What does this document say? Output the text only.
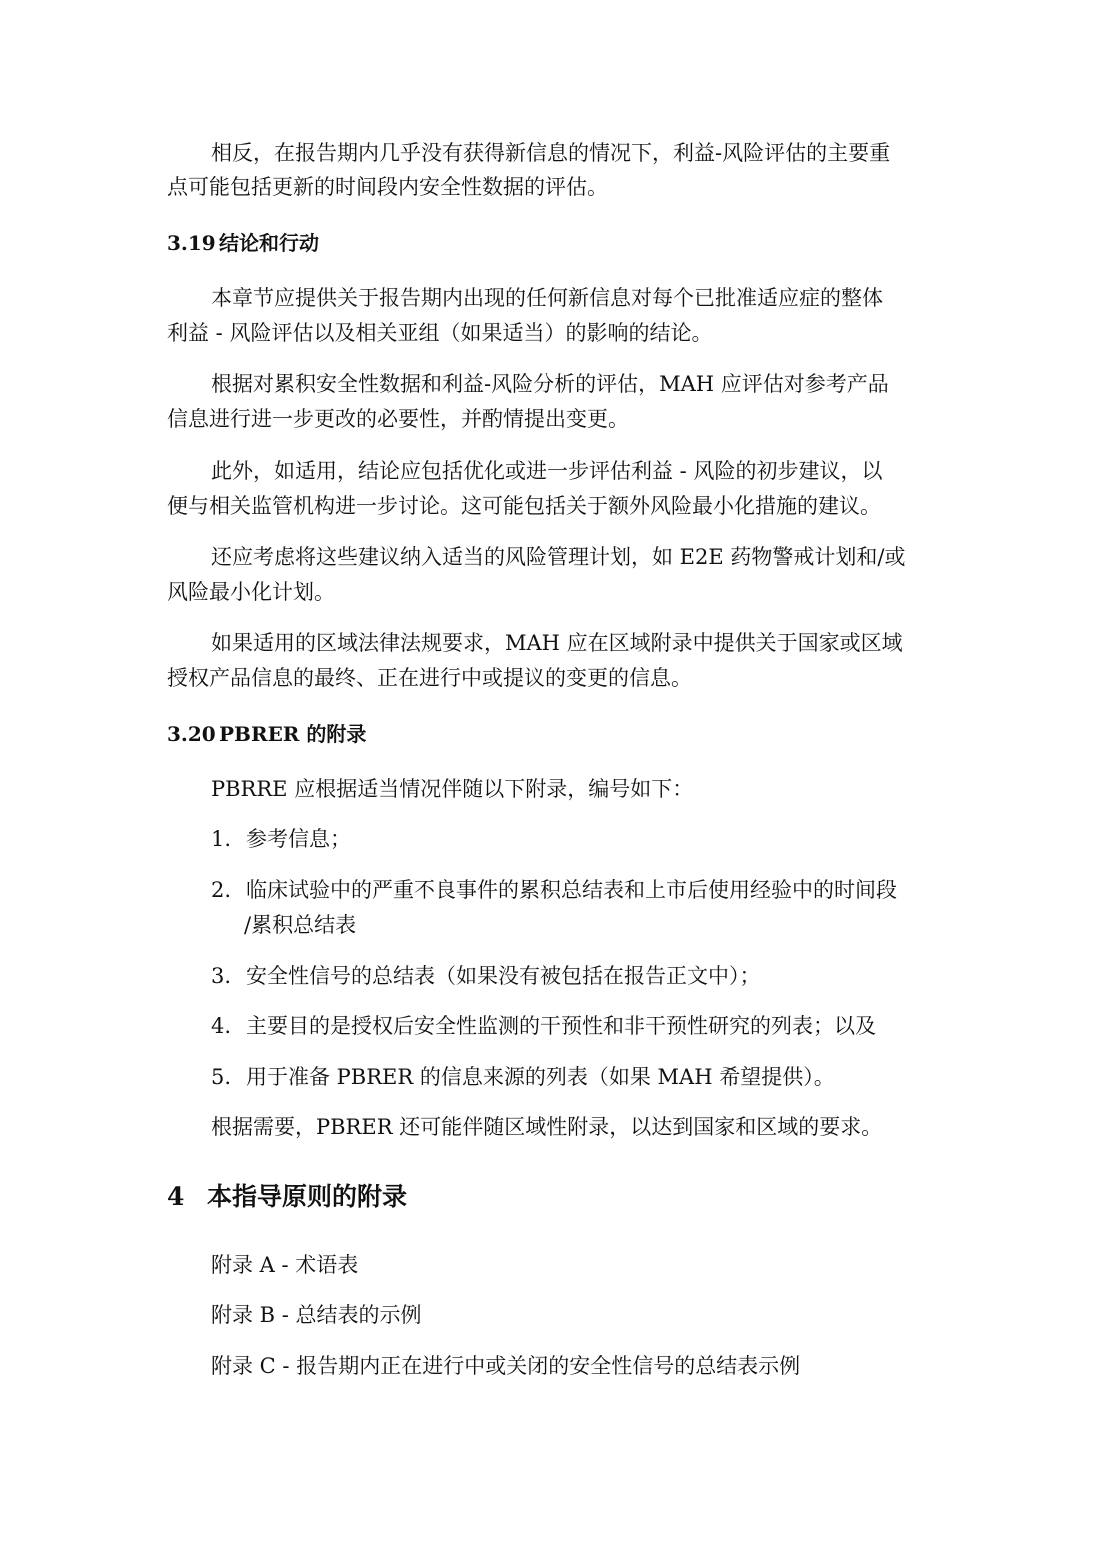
相反，在报告期内几乎没有获得新信息的情况下，利益-风险评估的主要重
点可能包括更新的时间段内安全性数据的评估。
3.19 结论和行动
本章节应提供关于报告期内出现的任何新信息对每个已批准适应症的整体
利益 - 风险评估以及相关亚组（如果适当）的影响的结论。
根据对累积安全性数据和利益-风险分析的评估，MAH 应评估对参考产品
信息进行进一步更改的必要性，并酌情提出变更。
此外，如适用，结论应包括优化或进一步评估利益 - 风险的初步建议，以
便与相关监管机构进一步讨论。这可能包括关于额外风险最小化措施的建议。
还应考虑将这些建议纳入适当的风险管理计划，如 E2E 药物警戒计划和/或
风险最小化计划。
如果适用的区域法律法规要求，MAH 应在区域附录中提供关于国家或区域
授权产品信息的最终、正在进行中或提议的变更的信息。
3.20 PBRER 的附录
PBRRE 应根据适当情况伴随以下附录，编号如下：
1. 参考信息；
2. 临床试验中的严重不良事件的累积总结表和上市后使用经验中的时间段
/累积总结表
3. 安全性信号的总结表（如果没有被包括在报告正文中）；
4. 主要目的是授权后安全性监测的干预性和非干预性研究的列表；以及
5. 用于准备 PBRER 的信息来源的列表（如果 MAH 希望提供）。
根据需要，PBRER 还可能伴随区域性附录，以达到国家和区域的要求。
4 本指导原则的附录
附录 A - 术语表
附录 B - 总结表的示例
附录 C - 报告期内正在进行中或关闭的安全性信号的总结表示例
